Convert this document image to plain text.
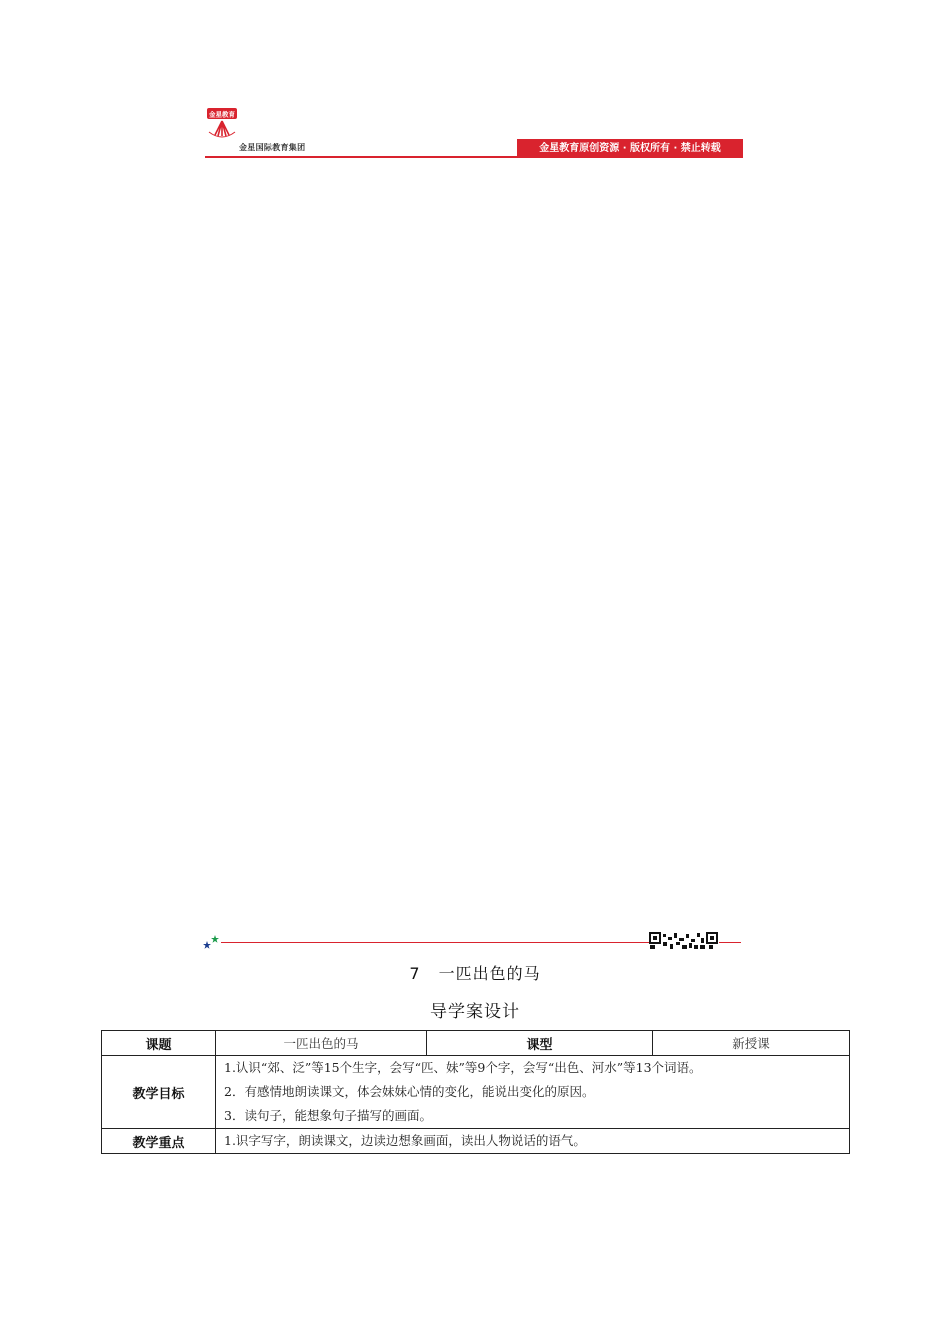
金星教育
金星国际教育集团	金星教育原创资源 · 版权所有 · 禁止转载
7 一匹出色的马
导学案设计
课题	一匹出色的马	课型	新授课
教学目标	1.认识“郊、泛”等15个生字，会写“匹、妹”等9个字，会写“出色、河水”等13个词语。
2．有感情地朗读课文，体会妹妹心情的变化，能说出变化的原因。
3．读句子，能想象句子描写的画面。		

教学重点	1.识字写字，朗读课文，边读边想象画面，读出人物说话的语气。		
